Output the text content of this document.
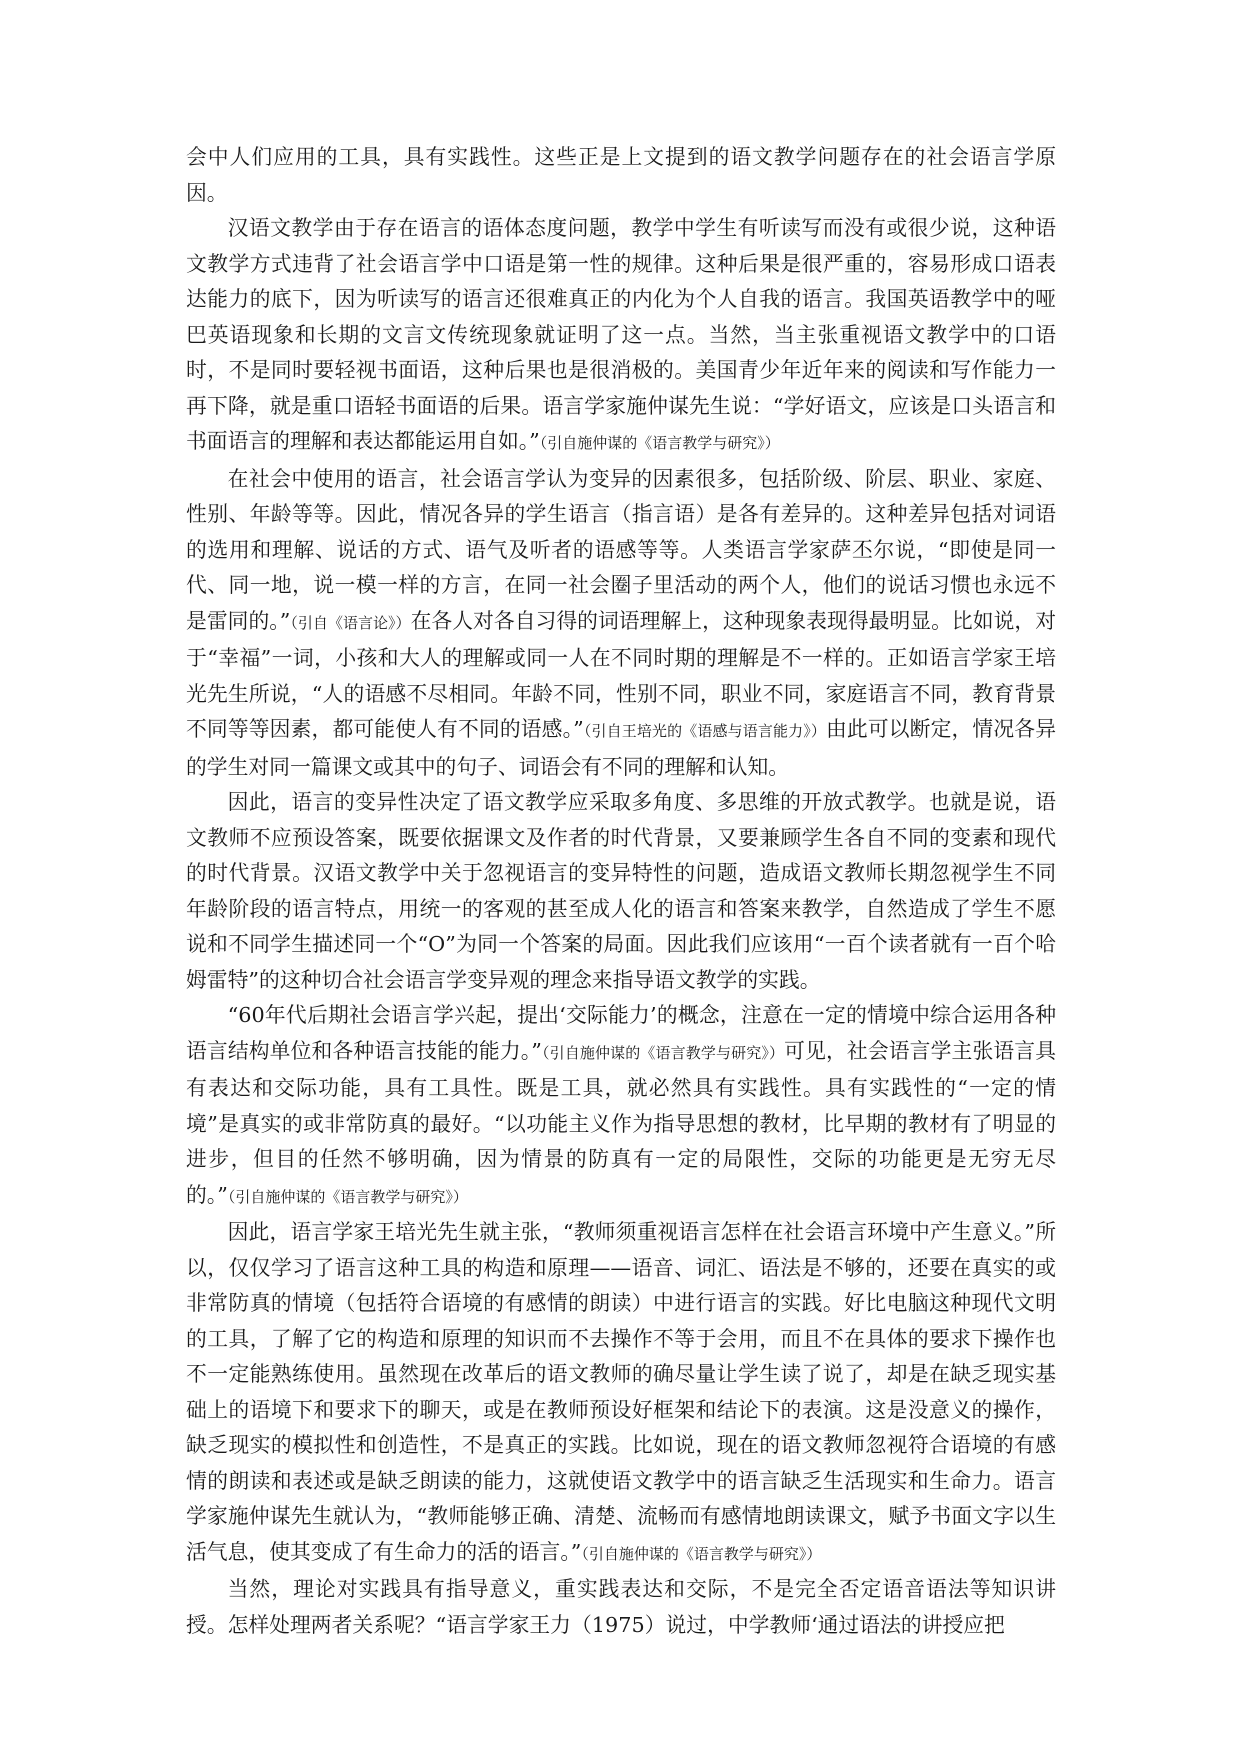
会中人们应用的工具，具有实践性。这些正是上文提到的语文教学问题存在的社会语言学原因。

汉语文教学由于存在语言的语体态度问题，教学中学生有听读写而没有或很少说，这种语文教学方式违背了社会语言学中口语是第一性的规律。这种后果是很严重的，容易形成口语表达能力的底下，因为听读写的语言还很难真正的内化为个人自我的语言。我国英语教学中的哑巴英语现象和长期的文言文传统现象就证明了这一点。当然，当主张重视语文教学中的口语时，不是同时要轻视书面语，这种后果也是很消极的。美国青少年近年来的阅读和写作能力一再下降，就是重口语轻书面语的后果。语言学家施仲谋先生说：“学好语文，应该是口头语言和书面语言的理解和表达都能运用自如。”（引自施仲谋的《语言教学与研究》）

在社会中使用的语言，社会语言学认为变异的因素很多，包括阶级、阶层、职业、家庭、性别、年龄等等。因此，情况各异的学生语言（指言语）是各有差异的。这种差异包括对词语的选用和理解、说话的方式、语气及听者的语感等等。人类语言学家萨丕尔说，“即使是同一代、同一地，说一模一样的方言，在同一社会圈子里活动的两个人，他们的说话习惯也永远不是雷同的。”（引自《语言论》）在各人对各自习得的词语理解上，这种现象表现得最明显。比如说，对于“幸福”一词，小孩和大人的理解或同一人在不同时期的理解是不一样的。正如语言学家王培光先生所说，“人的语感不尽相同。年龄不同，性别不同，职业不同，家庭语言不同，教育背景不同等等因素，都可能使人有不同的语感。”（引自王培光的《语感与语言能力》）由此可以断定，情况各异的学生对同一篇课文或其中的句子、词语会有不同的理解和认知。

因此，语言的变异性决定了语文教学应采取多角度、多思维的开放式教学。也就是说，语文教师不应预设答案，既要依据课文及作者的时代背景，又要兼顾学生各自不同的变素和现代的时代背景。汉语文教学中关于忽视语言的变异特性的问题，造成语文教师长期忽视学生不同年龄阶段的语言特点，用统一的客观的甚至成人化的语言和答案来教学，自然造成了学生不愿说和不同学生描述同一个“O”为同一个答案的局面。因此我们应该用“一百个读者就有一百个哈姆雷特”的这种切合社会语言学变异观的理念来指导语文教学的实践。

“60年代后期社会语言学兴起，提出‘交际能力’的概念，注意在一定的情境中综合运用各种语言结构单位和各种语言技能的能力。”（引自施仲谋的《语言教学与研究》）可见，社会语言学主张语言具有表达和交际功能，具有工具性。既是工具，就必然具有实践性。具有实践性的“一定的情境”是真实的或非常防真的最好。“以功能主义作为指导思想的教材，比早期的教材有了明显的进步，但目的任然不够明确，因为情景的防真有一定的局限性，交际的功能更是无穷无尽的。”（引自施仲谋的《语言教学与研究》）

因此，语言学家王培光先生就主张，“教师须重视语言怎样在社会语言环境中产生意义。”所以，仅仅学习了语言这种工具的构造和原理——语音、词汇、语法是不够的，还要在真实的或非常防真的情境（包括符合语境的有感情的朗读）中进行语言的实践。好比电脑这种现代文明的工具，了解了它的构造和原理的知识而不去操作不等于会用，而且不在具体的要求下操作也不一定能熟练使用。虽然现在改革后的语文教师的确尽量让学生读了说了，却是在缺乏现实基础上的语境下和要求下的聊天，或是在教师预设好框架和结论下的表演。这是没意义的操作，缺乏现实的模拟性和创造性，不是真正的实践。比如说，现在的语文教师忽视符合语境的有感情的朗读和表述或是缺乏朗读的能力，这就使语文教学中的语言缺乏生活现实和生命力。语言学家施仲谋先生就认为，“教师能够正确、清楚、流畅而有感情地朗读课文，赋予书面文字以生活气息，使其变成了有生命力的活的语言。”（引自施仲谋的《语言教学与研究》）

当然，理论对实践具有指导意义，重实践表达和交际，不是完全否定语音语法等知识讲授。怎样处理两者关系呢？“语言学家王力（1975）说过，中学教师‘通过语法的讲授应把
